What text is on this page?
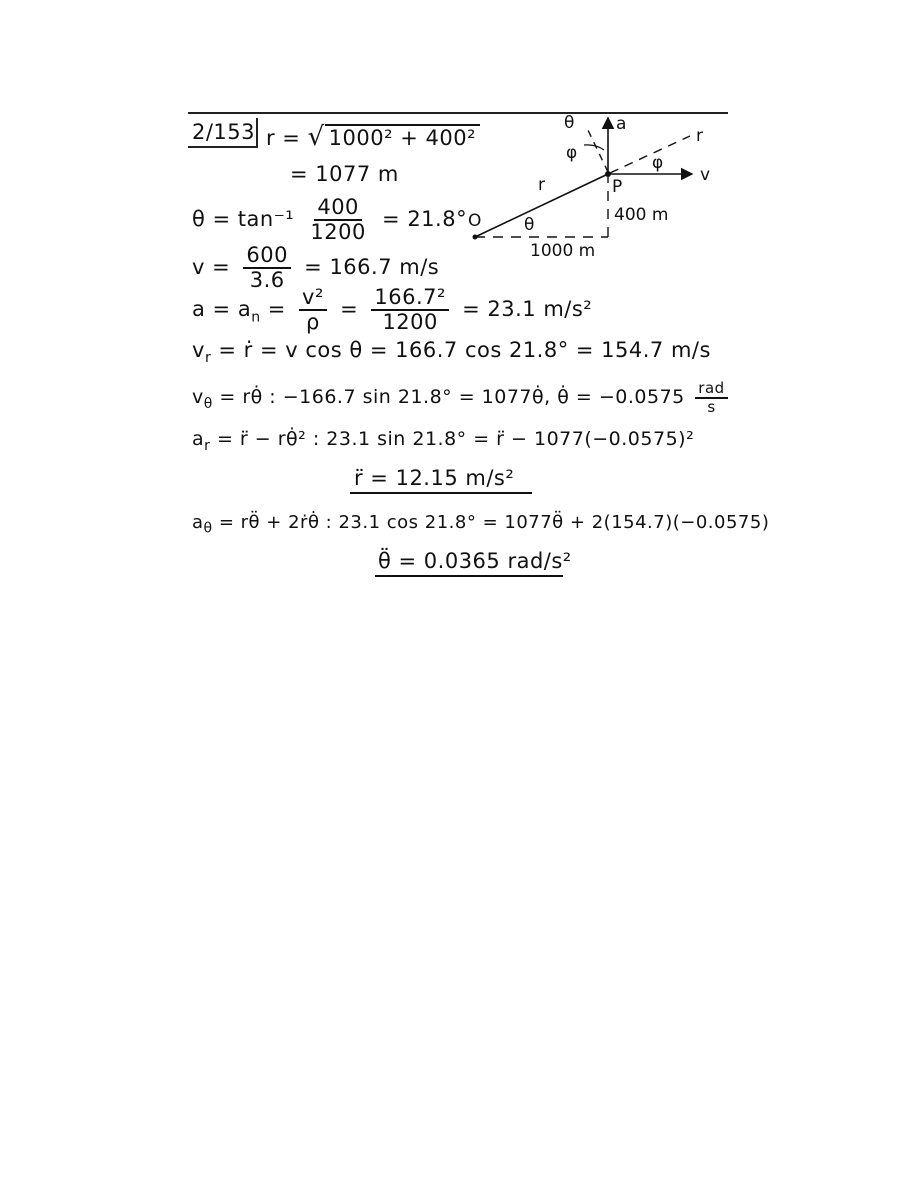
2/153 r = √ 1000² + 400²
= 1077 m
$\theta = \tan^{-1} \frac{400}{1200} = 21.8^\circ$
$v = \frac{600}{3.6} = 166.7$ m/s
$a = a_n = \frac{\text{v²}}{\rho} = \frac{\text{166.7²}}{1200} = 23.1$ m/s²
$v_r$ = ṙ = v cos θ = 166.7 cos 21.8° = 154.7 m/s
$v_\theta$ = rθ̇ : −166.7 sin 21.8° = 1077θ̇, θ̇ = $-0.0575 \frac{\text{rad}}{s}$
$a_r$ = r̈ − rθ̇² : 23.1 sin 21.8° = r̈ − 1077(−0.0575)²
r̈ = 12.15 m/s²
$a_\theta$ = rθ̈ + 2ṙθ̇ : 23.1 cos 21.8° = 1077θ̈ + 2(154.7)(−0.0575)
θ̈ = 0.0365 rad/s²
θ a
r
φ	φ
v
r	P
O	θ	400 m
1000 m
